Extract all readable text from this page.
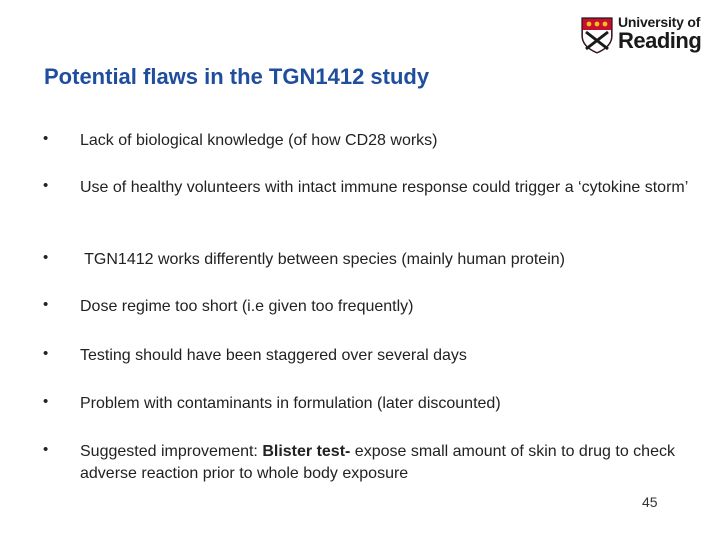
University of
Reading
Potential flaws in the TGN1412 study
• Lack of biological knowledge (of how CD28 works)
• Use of healthy volunteers with intact immune response could trigger a ‘cytokine storm’
• TGN1412 works differently between species (mainly human protein)
• Dose regime too short (i.e given too frequently)
• Testing should have been staggered over several days
• Problem with contaminants in formulation (later discounted)
• Suggested improvement: Blister test- expose small amount of skin to drug to check adverse reaction prior to whole body exposure
45
